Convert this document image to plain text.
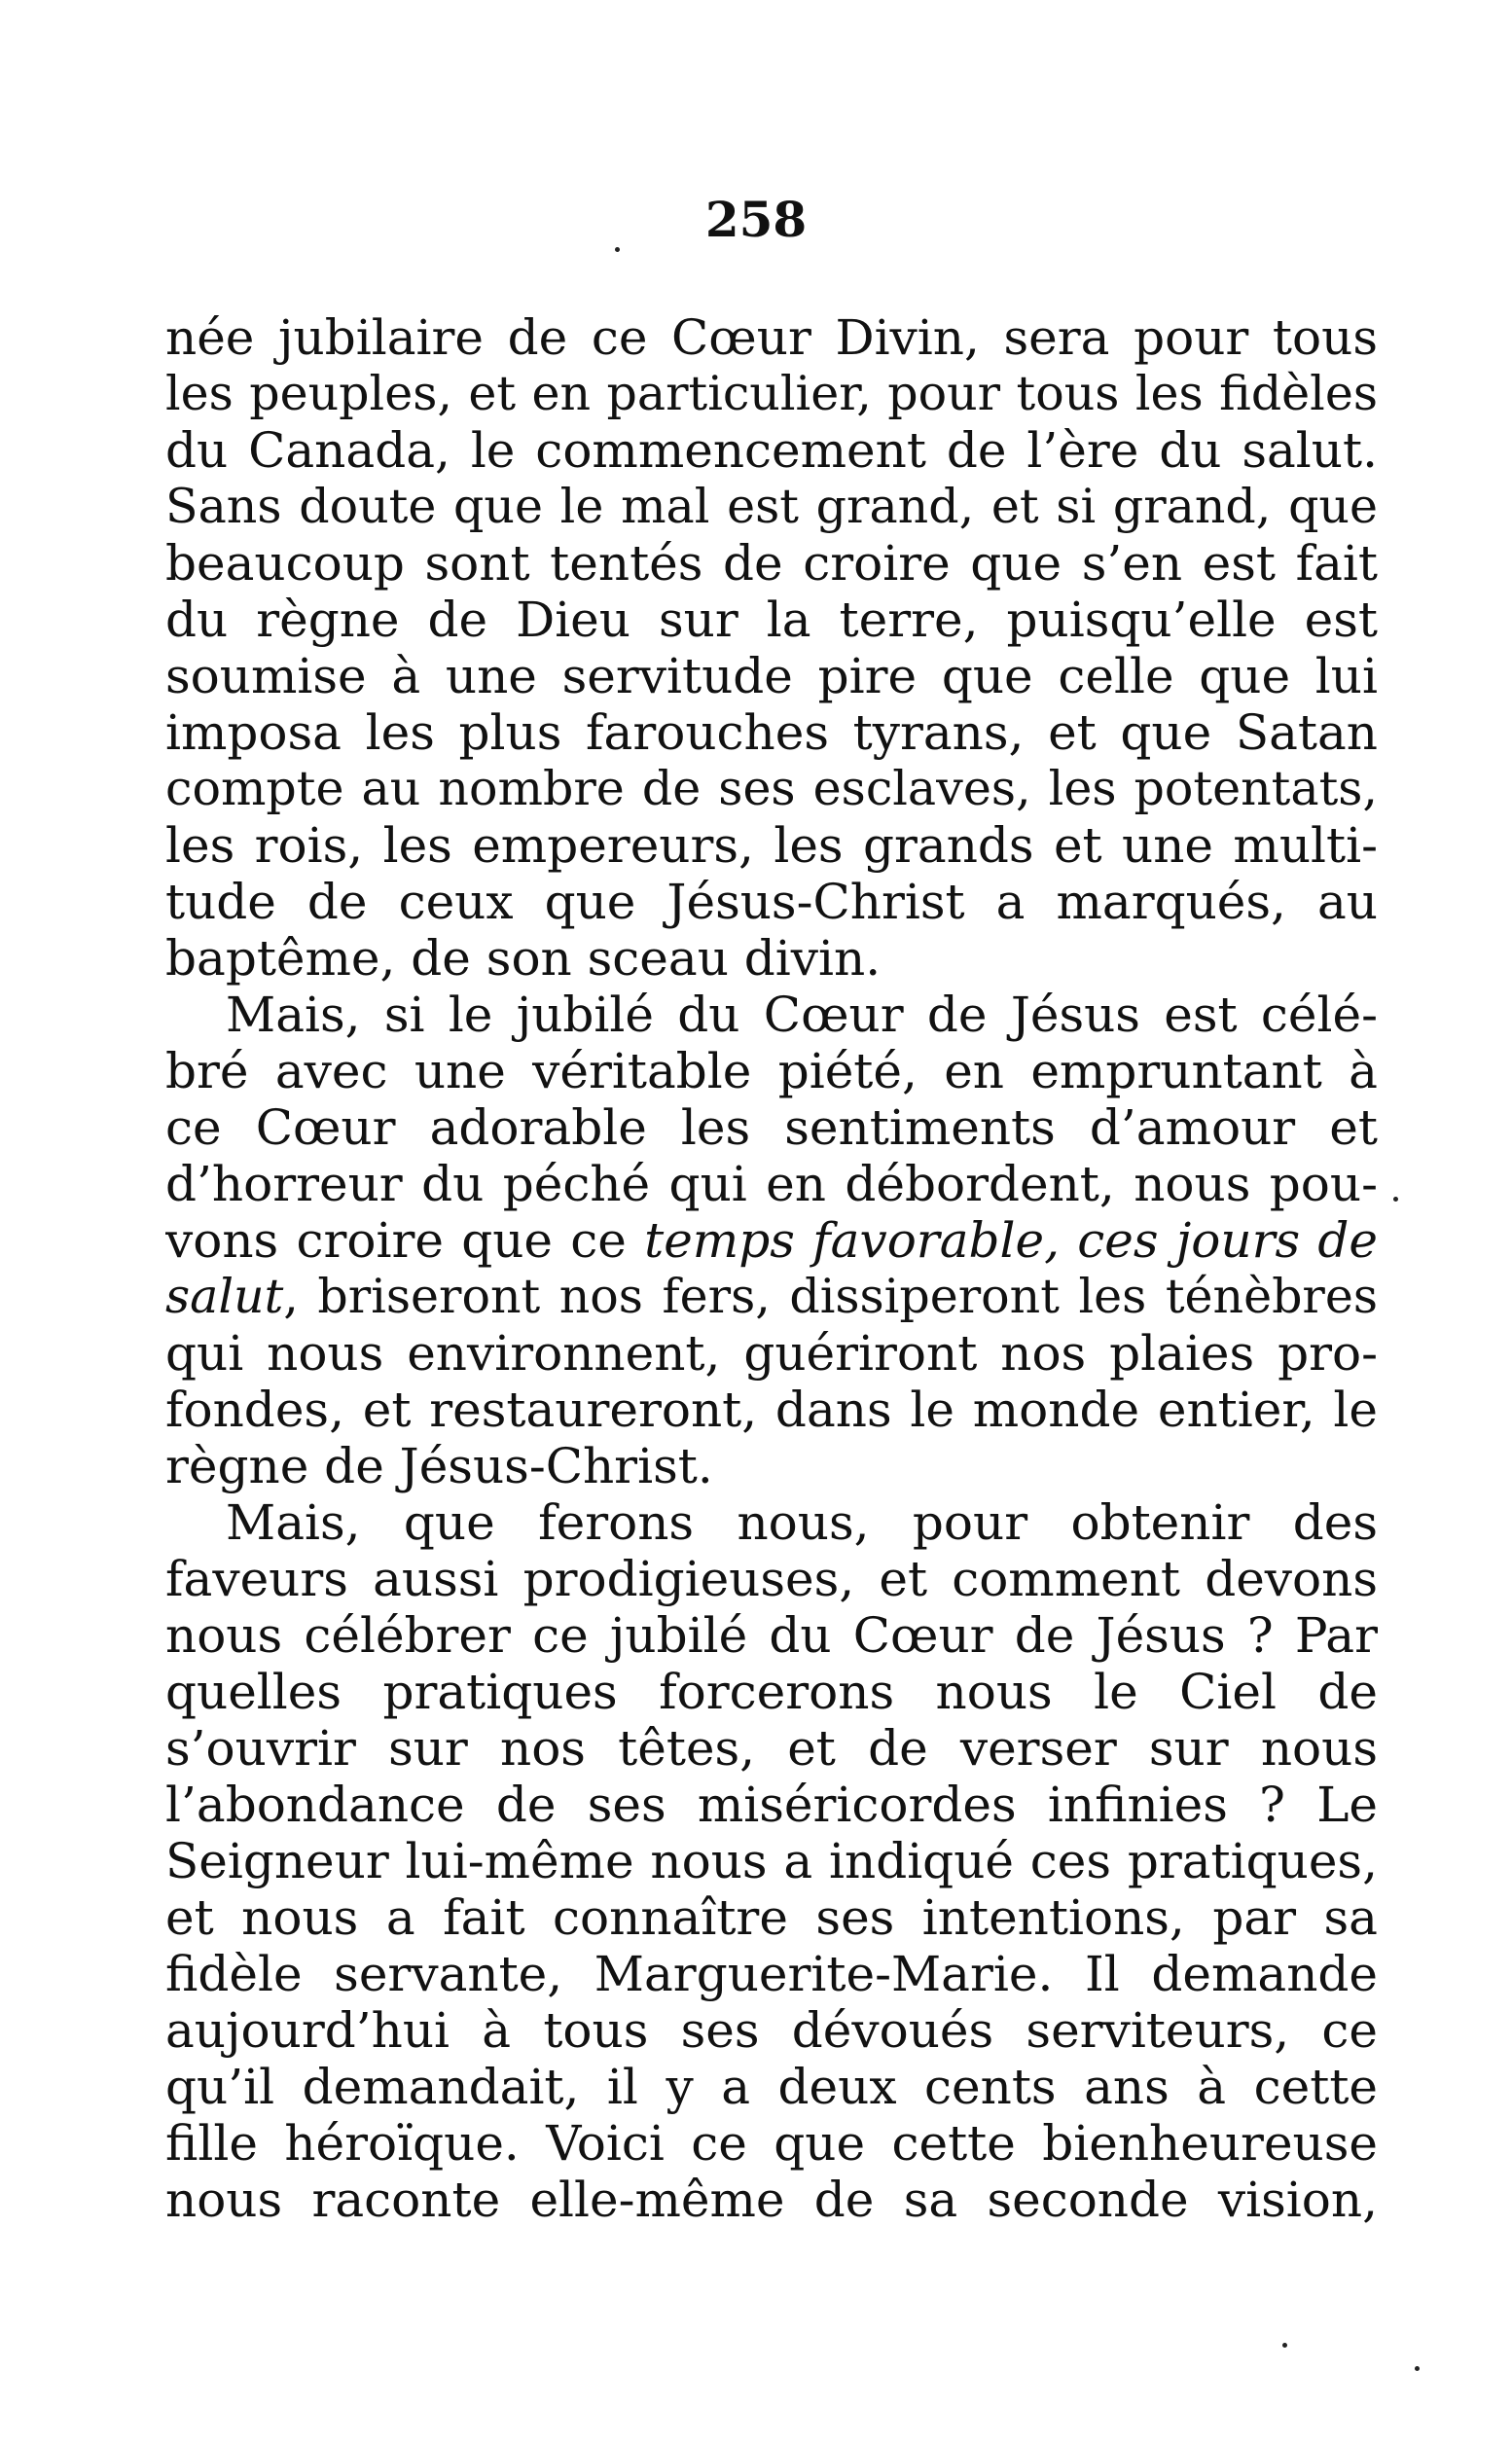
258
née jubilaire de ce Cœur Divin, sera pour tous
les peuples, et en particulier, pour tous les fidèles
du Canada, le commencement de l’ère du salut.
Sans doute que le mal est grand, et si grand, que
beaucoup sont tentés de croire que s’en est fait
du règne de Dieu sur la terre, puisqu’elle est
soumise à une servitude pire que celle que lui
imposa les plus farouches tyrans, et que Satan
compte au nombre de ses esclaves, les potentats,
les rois, les empereurs, les grands et une multi-
tude de ceux que Jésus-Christ a marqués, au
baptême, de son sceau divin.
Mais, si le jubilé du Cœur de Jésus est célé-
bré avec une véritable piété, en empruntant à
ce Cœur adorable les sentiments d’amour et
d’horreur du péché qui en débordent, nous pou-
vons croire que ce temps favorable, ces jours de
salut, briseront nos fers, dissiperont les ténèbres
qui nous environnent, guériront nos plaies pro-
fondes, et restaureront, dans le monde entier, le
règne de Jésus-Christ.
Mais, que ferons nous, pour obtenir des
faveurs aussi prodigieuses, et comment devons
nous célébrer ce jubilé du Cœur de Jésus ? Par
quelles pratiques forcerons nous le Ciel de
s’ouvrir sur nos têtes, et de verser sur nous
l’abondance de ses miséricordes infinies ? Le
Seigneur lui-même nous a indiqué ces pratiques,
et nous a fait connaître ses intentions, par sa
fidèle servante, Marguerite-Marie. Il demande
aujourd’hui à tous ses dévoués serviteurs, ce
qu’il demandait, il y a deux cents ans à cette
fille héroïque. Voici ce que cette bienheureuse
nous raconte elle-même de sa seconde vision,
